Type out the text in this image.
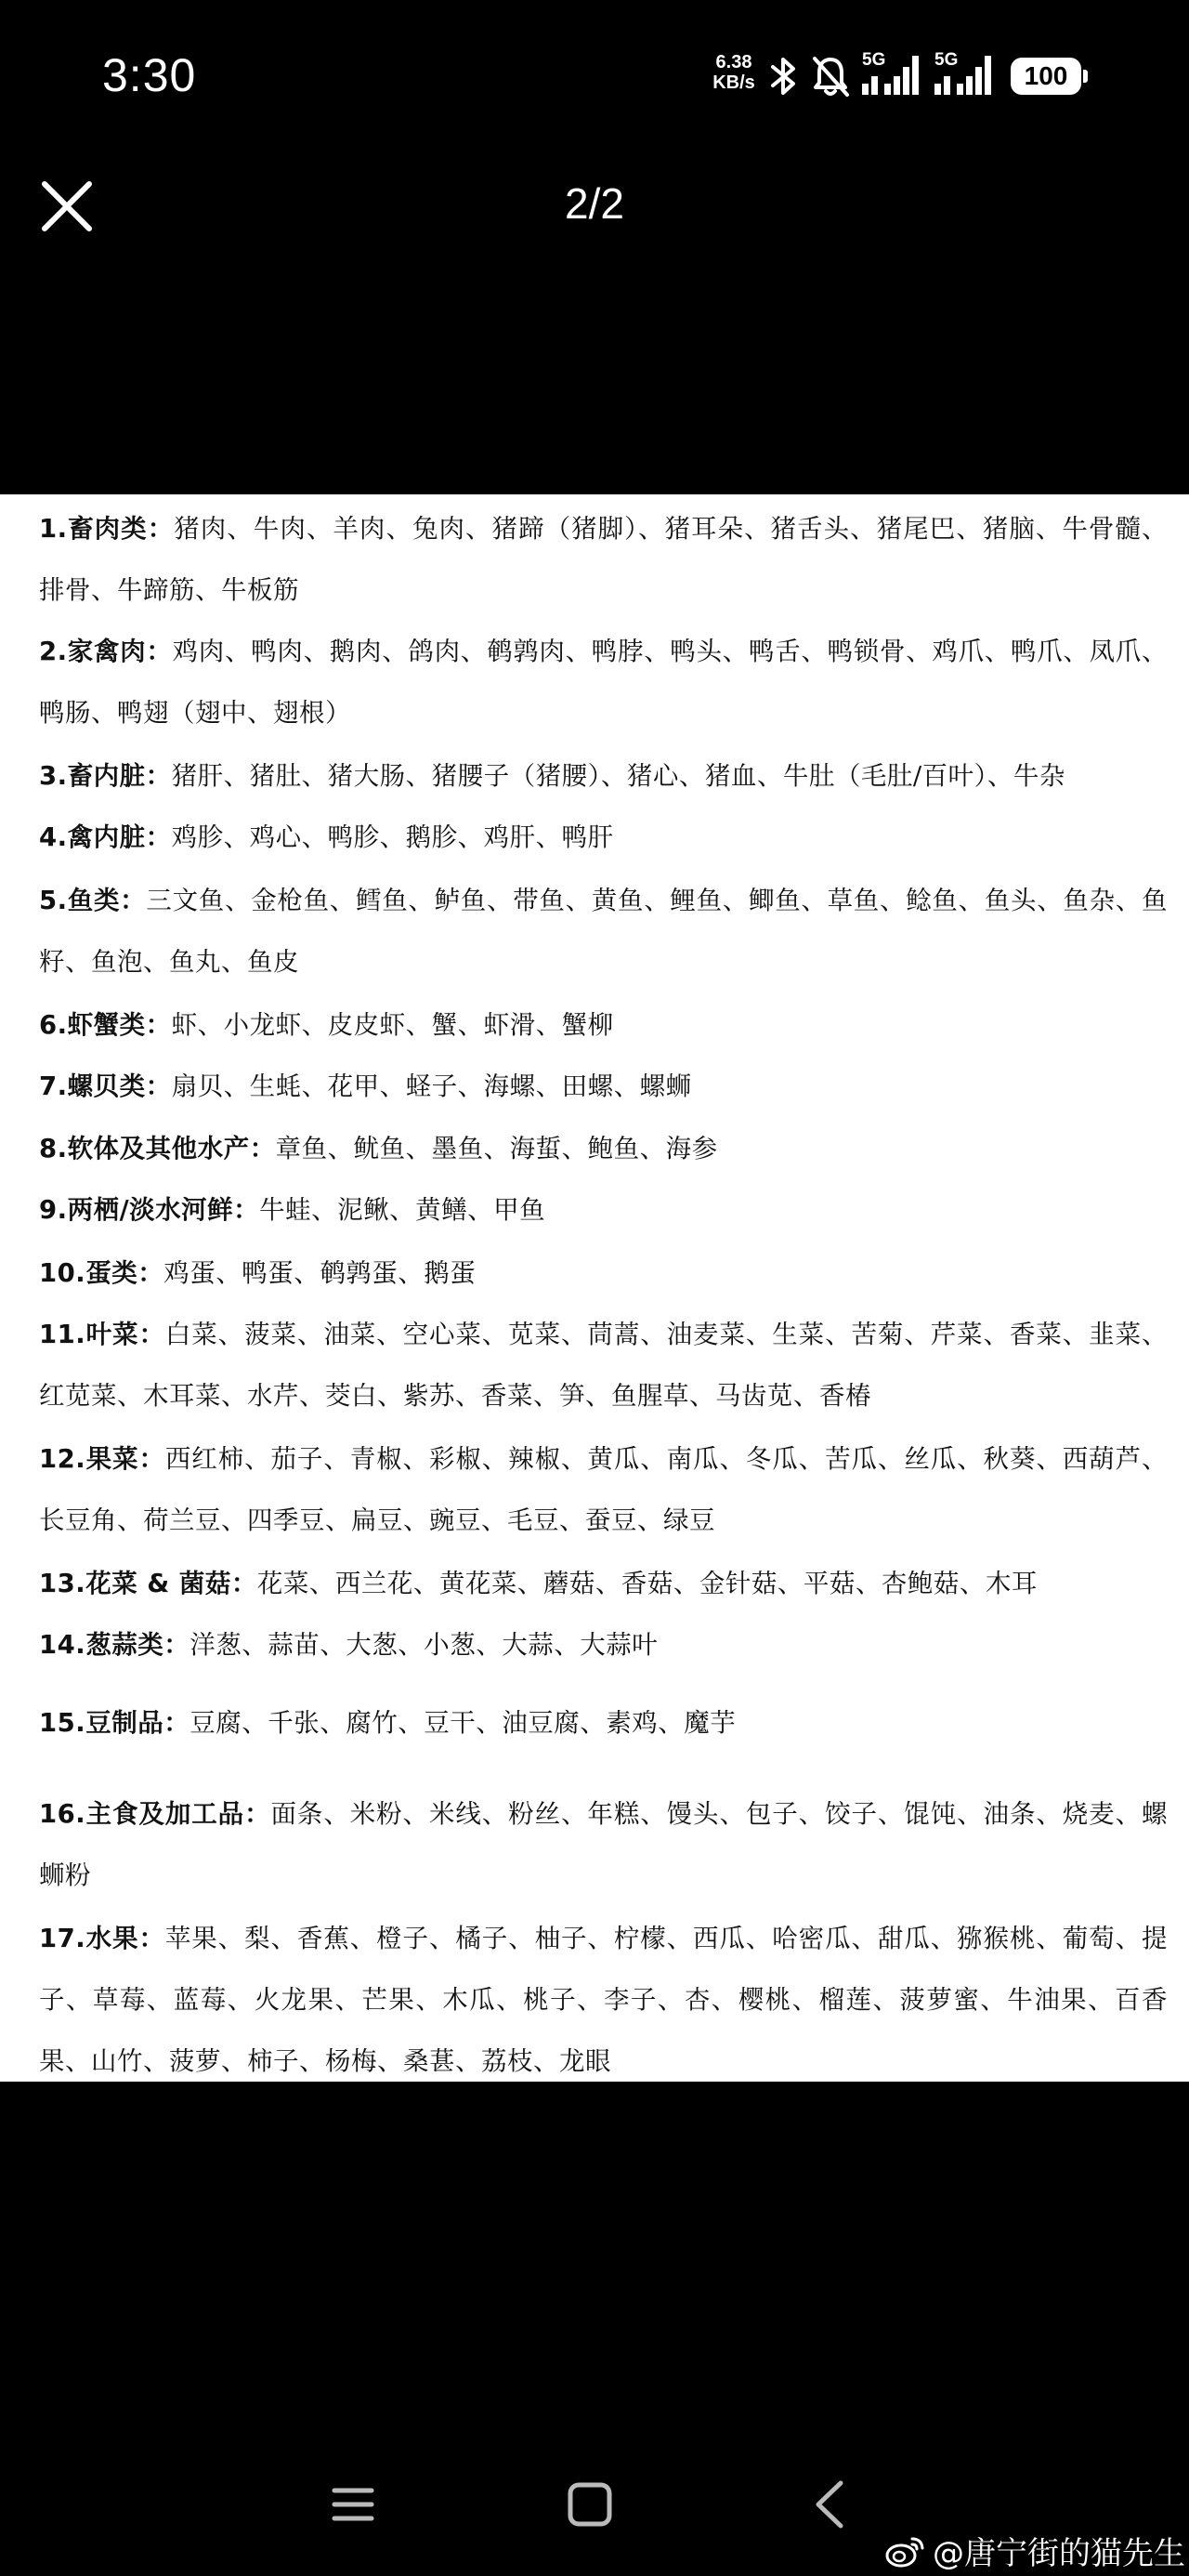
3:30	6.38
KB/s
5G	5G
100
2/2

1.畜肉类：猪肉、牛肉、羊肉、兔肉、猪蹄（猪脚）、猪耳朵、猪舌头、猪尾巴、猪脑、牛骨髓、排骨、牛蹄筋、牛板筋

2.家禽肉：鸡肉、鸭肉、鹅肉、鸽肉、鹌鹑肉、鸭脖、鸭头、鸭舌、鸭锁骨、鸡爪、鸭爪、凤爪、鸭肠、鸭翅（翅中、翅根）

3.畜内脏：猪肝、猪肚、猪大肠、猪腰子（猪腰）、猪心、猪血、牛肚（毛肚/百叶）、牛杂

4.禽内脏：鸡胗、鸡心、鸭胗、鹅胗、鸡肝、鸭肝

5.鱼类：三文鱼、金枪鱼、鳕鱼、鲈鱼、带鱼、黄鱼、鲤鱼、鲫鱼、草鱼、鲶鱼、鱼头、鱼杂、鱼籽、鱼泡、鱼丸、鱼皮

6.虾蟹类：虾、小龙虾、皮皮虾、蟹、虾滑、蟹柳

7.螺贝类：扇贝、生蚝、花甲、蛏子、海螺、田螺、螺蛳

8.软体及其他水产：章鱼、鱿鱼、墨鱼、海蜇、鲍鱼、海参

9.两栖/淡水河鲜：牛蛙、泥鳅、黄鳝、甲鱼

10.蛋类：鸡蛋、鸭蛋、鹌鹑蛋、鹅蛋

11.叶菜：白菜、菠菜、油菜、空心菜、苋菜、茼蒿、油麦菜、生菜、苦菊、芹菜、香菜、韭菜、红苋菜、木耳菜、水芹、茭白、紫苏、香菜、笋、鱼腥草、马齿苋、香椿

12.果菜：西红柿、茄子、青椒、彩椒、辣椒、黄瓜、南瓜、冬瓜、苦瓜、丝瓜、秋葵、西葫芦、长豆角、荷兰豆、四季豆、扁豆、豌豆、毛豆、蚕豆、绿豆

13.花菜 & 菌菇：花菜、西兰花、黄花菜、蘑菇、香菇、金针菇、平菇、杏鲍菇、木耳

14.葱蒜类：洋葱、蒜苗、大葱、小葱、大蒜、大蒜叶

15.豆制品：豆腐、千张、腐竹、豆干、油豆腐、素鸡、魔芋

16.主食及加工品：面条、米粉、米线、粉丝、年糕、馒头、包子、饺子、馄饨、油条、烧麦、螺蛳粉

17.水果：苹果、梨、香蕉、橙子、橘子、柚子、柠檬、西瓜、哈密瓜、甜瓜、猕猴桃、葡萄、提子、草莓、蓝莓、火龙果、芒果、木瓜、桃子、李子、杏、樱桃、榴莲、菠萝蜜、牛油果、百香果、山竹、菠萝、柿子、杨梅、桑葚、荔枝、龙眼

@唐宁街的猫先生
